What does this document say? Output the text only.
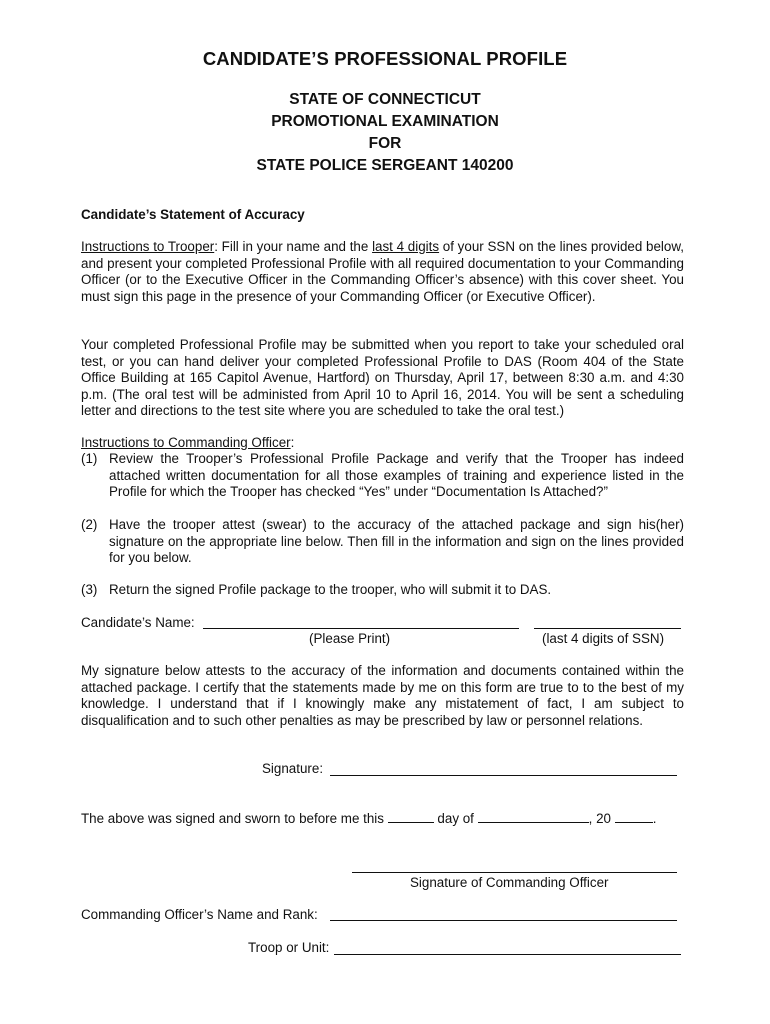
CANDIDATE’S PROFESSIONAL PROFILE
STATE OF CONNECTICUT
PROMOTIONAL EXAMINATION
FOR
STATE POLICE SERGEANT 140200
Candidate’s Statement of Accuracy
Instructions to Trooper: Fill in your name and the last 4 digits of your SSN on the lines provided below, and present your completed Professional Profile with all required documentation to your Commanding Officer (or to the Executive Officer in the Commanding Officer’s absence) with this cover sheet. You must sign this page in the presence of your Commanding Officer (or Executive Officer).
Your completed Professional Profile may be submitted when you report to take your scheduled oral test, or you can hand deliver your completed Professional Profile to DAS (Room 404 of the State Office Building at 165 Capitol Avenue, Hartford) on Thursday, April 17, between 8:30 a.m. and 4:30 p.m. (The oral test will be administed from April 10 to April 16, 2014. You will be sent a scheduling letter and directions to the test site where you are scheduled to take the oral test.)
Instructions to Commanding Officer:
(1) Review the Trooper’s Professional Profile Package and verify that the Trooper has indeed attached written documentation for all those examples of training and experience listed in the Profile for which the Trooper has checked “Yes” under “Documentation Is Attached?”
(2) Have the trooper attest (swear) to the accuracy of the attached package and sign his(her) signature on the appropriate line below. Then fill in the information and sign on the lines provided for you below.
(3) Return the signed Profile package to the trooper, who will submit it to DAS.
Candidate’s Name:
(Please Print)	(last 4 digits of SSN)
My signature below attests to the accuracy of the information and documents contained within the attached package. I certify that the statements made by me on this form are true to to the best of my knowledge. I understand that if I knowingly make any mistatement of fact, I am subject to disqualification and to such other penalties as may be prescribed by law or personnel relations.
Signature:
The above was signed and sworn to before me this	day of	, 20	.
Signature of Commanding Officer
Commanding Officer’s Name and Rank:
Troop or Unit:
